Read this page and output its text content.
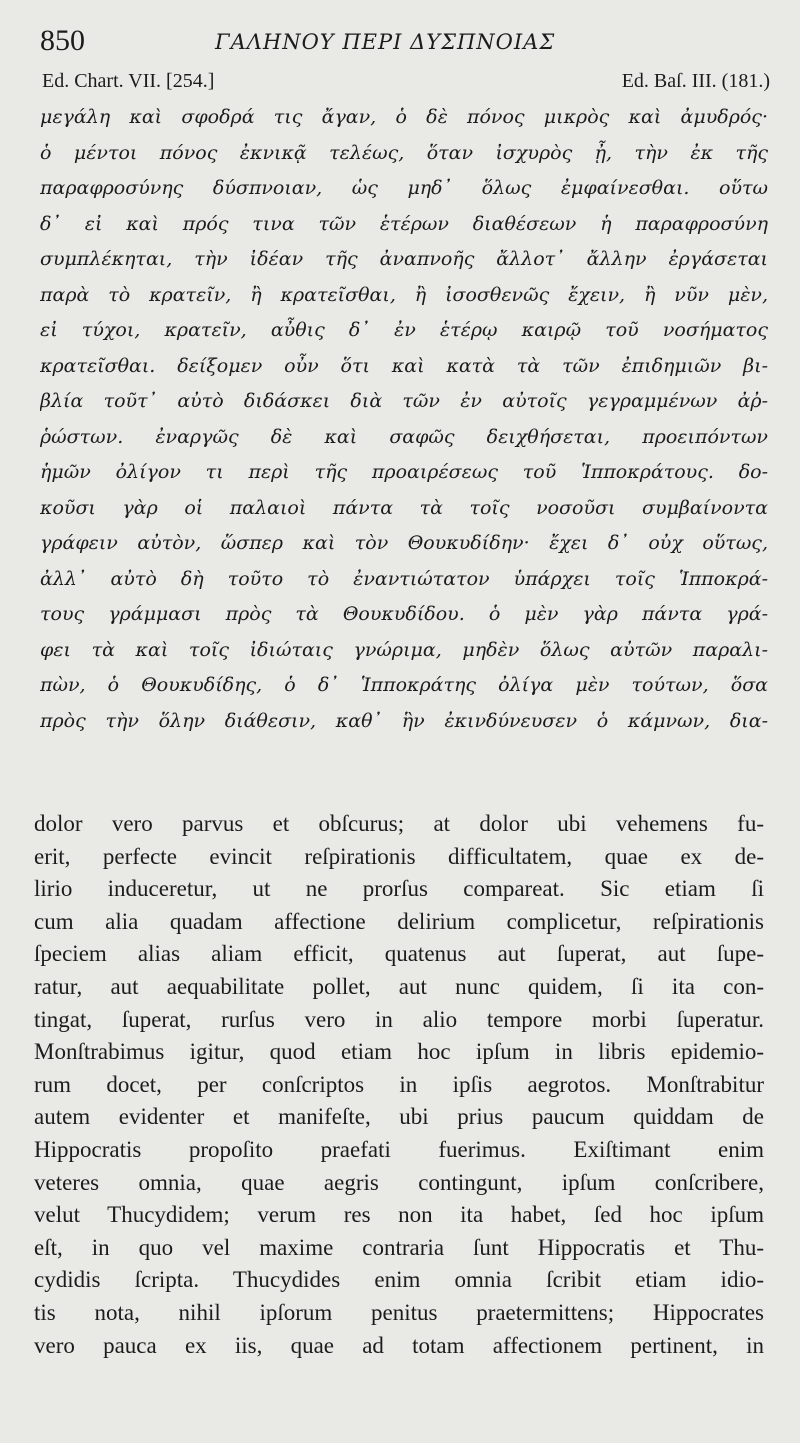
850	ΓΑΛΗΝΟΥ ΠΕΡΙ ΔΥΣΠΝΟΙΑΣ
Ed. Chart. VII. [254.]	Ed. Baſ. III. (181.)
μεγάλη καὶ σφοδρά τις ἄγαν, ὁ δὲ πόνος μικρὸς καὶ ἀμυδρός·
ὁ μέντοι πόνος ἐκνικᾷ τελέως, ὅταν ἰσχυρὸς ᾖ, τὴν ἐκ τῆς
παραφροσύνης δύσπνοιαν, ὡς μηδ᾽ ὅλως ἐμφαίνεσθαι. οὕτω
δ᾽ εἰ καὶ πρός τινα τῶν ἑτέρων διαθέσεων ἡ παραφροσύνη
συμπλέκηται, τὴν ἰδέαν τῆς ἀναπνοῆς ἄλλοτ᾽ ἄλλην ἐργάσεται
παρὰ τὸ κρατεῖν, ἢ κρατεῖσθαι, ἢ ἰσοσθενῶς ἔχειν, ἢ νῦν μὲν,
εἰ τύχοι, κρατεῖν, αὖθις δ᾽ ἐν ἑτέρῳ καιρῷ τοῦ νοσήματος
κρατεῖσθαι. δείξομεν οὖν ὅτι καὶ κατὰ τὰ τῶν ἐπιδημιῶν βι-
βλία τοῦτ᾽ αὐτὸ διδάσκει διὰ τῶν ἐν αὐτοῖς γεγραμμένων ἀῤ-
ῥώστων. ἐναργῶς δὲ καὶ σαφῶς δειχθήσεται, προειπόντων
ἡμῶν ὀλίγον τι περὶ τῆς προαιρέσεως τοῦ Ἱπποκράτους. δο-
κοῦσι γὰρ οἱ παλαιοὶ πάντα τὰ τοῖς νοσοῦσι συμβαίνοντα
γράφειν αὐτὸν, ὥσπερ καὶ τὸν Θουκυδίδην· ἔχει δ᾽ οὐχ οὕτως,
ἀλλ᾽ αὐτὸ δὴ τοῦτο τὸ ἐναντιώτατον ὑπάρχει τοῖς Ἱπποκρά-
τους γράμμασι πρὸς τὰ Θουκυδίδου. ὁ μὲν γὰρ πάντα γρά-
φει τὰ καὶ τοῖς ἰδιώταις γνώριμα, μηδὲν ὅλως αὐτῶν παραλι-
πὼν, ὁ Θουκυδίδης, ὁ δ᾽ Ἱπποκράτης ὀλίγα μὲν τούτων, ὅσα
πρὸς τὴν ὅλην διάθεσιν, καθ᾽ ἣν ἐκινδύνευσεν ὁ κάμνων, δια-
dolor vero parvus et obſcurus; at dolor ubi vehemens fu-
erit, perfecte evincit reſpirationis difficultatem, quae ex de-
lirio induceretur, ut ne prorſus compareat. Sic etiam ſi
cum alia quadam affectione delirium complicetur, reſpirationis
ſpeciem alias aliam efficit, quatenus aut ſuperat, aut ſupe-
ratur, aut aequabilitate pollet, aut nunc quidem, ſi ita con-
tingat, ſuperat, rurſus vero in alio tempore morbi ſuperatur.
Monſtrabimus igitur, quod etiam hoc ipſum in libris epidemio-
rum docet, per conſcriptos in ipſis aegrotos. Monſtrabitur
autem evidenter et manifeſte, ubi prius paucum quiddam de
Hippocratis propoſito praefati fuerimus. Exiſtimant enim
veteres omnia, quae aegris contingunt, ipſum conſcribere,
velut Thucydidem; verum res non ita habet, ſed hoc ipſum
eſt, in quo vel maxime contraria ſunt Hippocratis et Thu-
cydidis ſcripta. Thucydides enim omnia ſcribit etiam idio-
tis nota, nihil ipſorum penitus praetermittens; Hippocrates
vero pauca ex iis, quae ad totam affectionem pertinent, in
